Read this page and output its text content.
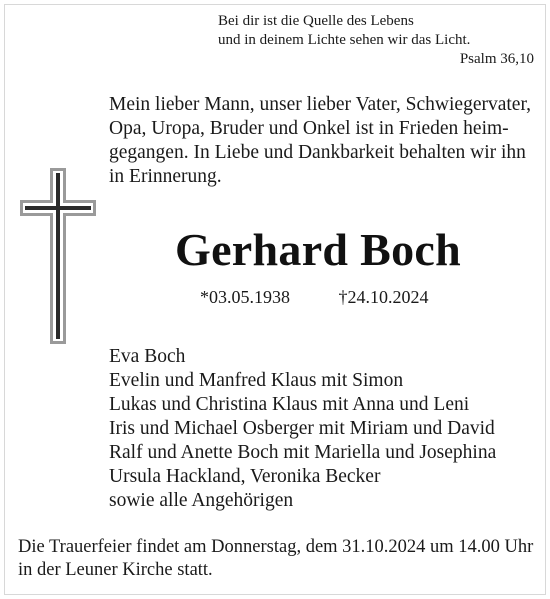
Bei dir ist die Quelle des Lebens
und in deinem Lichte sehen wir das Licht.
Psalm 36,10
Mein lieber Mann, unser lieber Vater, Schwiegervater,
Opa, Uropa, Bruder und Onkel ist in Frieden heim-
gegangen. In Liebe und Dankbarkeit behalten wir ihn
in Erinnerung.
Gerhard Boch
*03.05.1938	†24.10.2024
Eva Boch
Evelin und Manfred Klaus mit Simon
Lukas und Christina Klaus mit Anna und Leni
Iris und Michael Osberger mit Miriam und David
Ralf und Anette Boch mit Mariella und Josephina
Ursula Hackland, Veronika Becker
sowie alle Angehörigen
Die Trauerfeier findet am Donnerstag, dem 31.10.2024 um 14.00 Uhr
in der Leuner Kirche statt.
